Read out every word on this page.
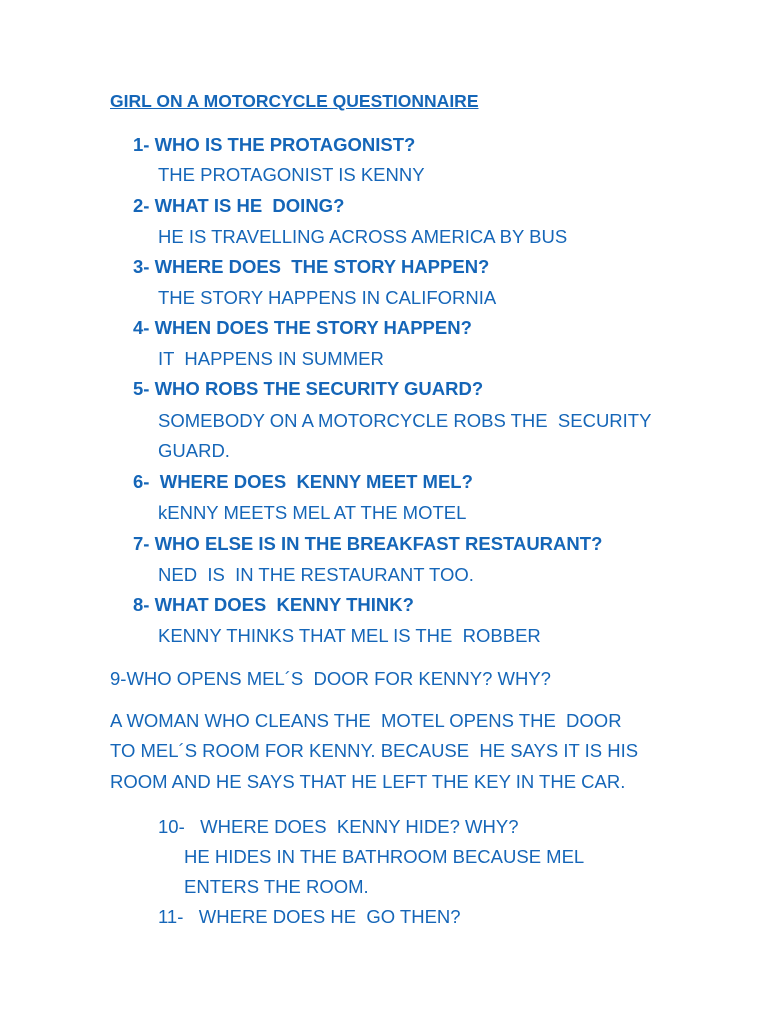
GIRL ON A MOTORCYCLE QUESTIONNAIRE
1- WHO IS THE PROTAGONIST?
THE PROTAGONIST IS KENNY
2- WHAT IS HE  DOING?
HE IS TRAVELLING ACROSS AMERICA BY BUS
3- WHERE DOES  THE STORY HAPPEN?
THE STORY HAPPENS IN CALIFORNIA
4- WHEN DOES THE STORY HAPPEN?
IT  HAPPENS IN SUMMER
5- WHO ROBS THE SECURITY GUARD?
SOMEBODY ON A MOTORCYCLE ROBS THE  SECURITY
GUARD.
6-  WHERE DOES  KENNY MEET MEL?
kENNY MEETS MEL AT THE MOTEL
7- WHO ELSE IS IN THE BREAKFAST RESTAURANT?
NED  IS  IN THE RESTAURANT TOO.
8- WHAT DOES  KENNY THINK?
KENNY THINKS THAT MEL IS THE  ROBBER
9-WHO OPENS MEL´S  DOOR FOR KENNY? WHY?
A WOMAN WHO CLEANS THE  MOTEL OPENS THE  DOOR
TO MEL´S ROOM FOR KENNY. BECAUSE  HE SAYS IT IS HIS
ROOM AND HE SAYS THAT HE LEFT THE KEY IN THE CAR.
10-   WHERE DOES  KENNY HIDE? WHY?
HE HIDES IN THE BATHROOM BECAUSE MEL
ENTERS THE ROOM.
11-   WHERE DOES HE  GO THEN?
